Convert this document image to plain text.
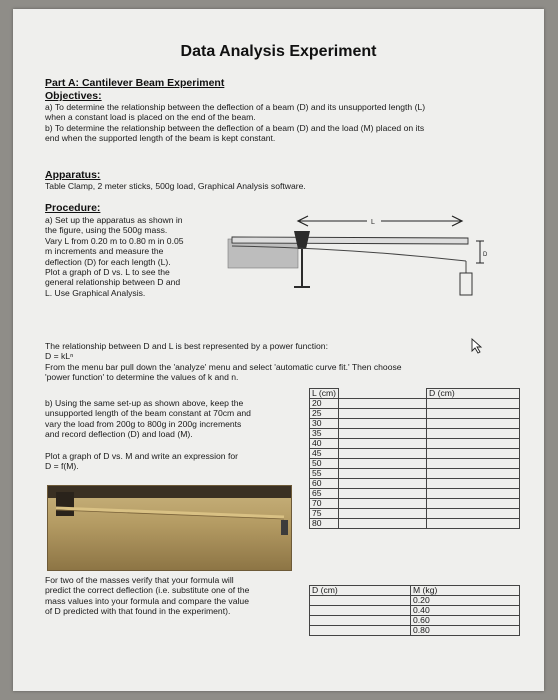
Data Analysis Experiment
Part A: Cantilever Beam Experiment
Objectives:
a) To determine the relationship between the deflection of a beam (D) and its unsupported length (L)
when a constant load is placed on the end of the beam.
b) To determine the relationship between the deflection of a beam (D) and the load (M) placed on its
end when the supported length of the beam is kept constant.
Apparatus:
Table Clamp, 2 meter sticks, 500g load, Graphical Analysis software.
Procedure:
a) Set up the apparatus as shown in
the figure, using the 500g mass.
Vary L from 0.20 m to 0.80 m in 0.05
m increments and measure the
deflection (D) for each length (L).
Plot a graph of D vs. L to see the
general relationship between D and
L. Use Graphical Analysis.
L
D
The relationship between D and L is best represented by a power function:
D = kLⁿ
From the menu bar pull down the 'analyze' menu and select 'automatic curve fit.' Then choose
'power function' to determine the values of k and n.
b) Using the same set-up as shown above, keep the
unsupported length of the beam constant at 70cm and
vary the load from 200g to 800g in 200g increments
and record deflection (D) and load (M).
Plot a graph of D vs. M and write an expression for
D = f(M).
For two of the masses verify that your formula will
predict the correct deflection (i.e. substitute one of the
mass values into your formula and compare the value
of D predicted with that found in the experiment).
L (cm)		D (cm)
20		
25		
30		
35		
40		
45		
50		
55		
60		
65		
70		
75		
80		
D (cm)	M (kg)
	0.20
	0.40
	0.60
	0.80
